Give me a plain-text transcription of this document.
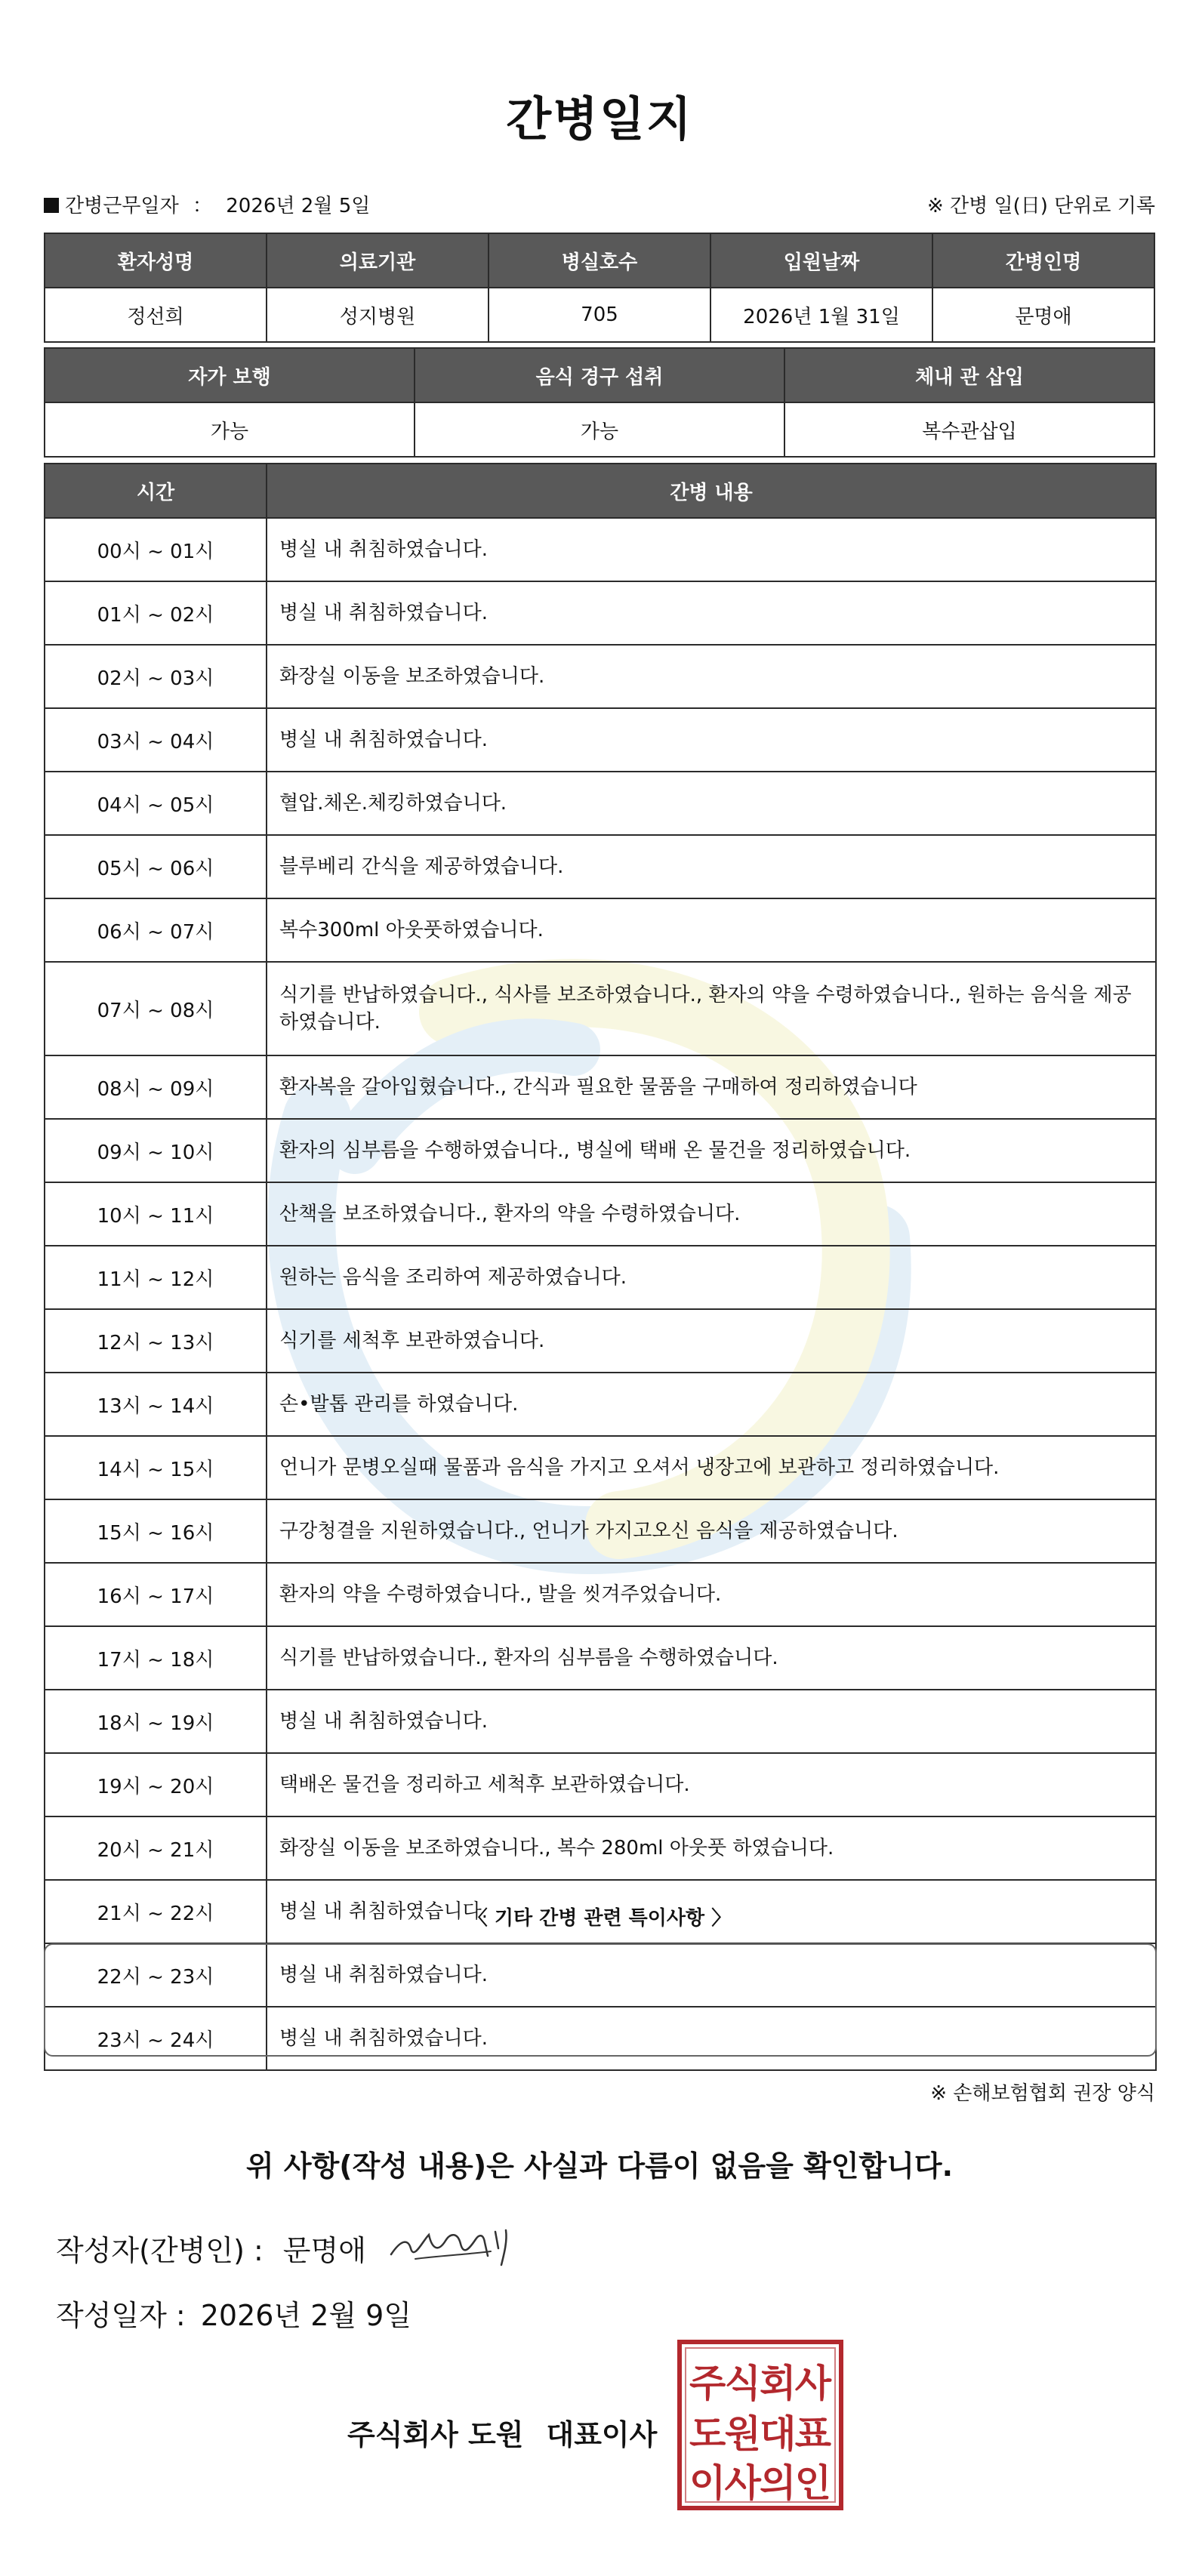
간병일지
간병근무일자 ： 2026년 2월 5일	※ 간병 일(日) 단위로 기록
환자성명	의료기관	병실호수	입원날짜	간병인명
정선희	성지병원	705	2026년 1월 31일	문명애
자가 보행	음식 경구 섭취	체내 관 삽입
가능	가능	복수관삽입
시간	간병 내용
00시 ~ 01시	병실 내 취침하였습니다.
01시 ~ 02시	병실 내 취침하였습니다.
02시 ~ 03시	화장실 이동을 보조하였습니다.
03시 ~ 04시	병실 내 취침하였습니다.
04시 ~ 05시	혈압.체온.체킹하였습니다.
05시 ~ 06시	블루베리 간식을 제공하였습니다.
06시 ~ 07시	복수300ml 아웃풋하였습니다.
07시 ~ 08시	식기를 반납하였습니다., 식사를 보조하였습니다., 환자의 약을 수령하였습니다., 원하는 음식을 제공하였습니다.
08시 ~ 09시	환자복을 갈아입혔습니다., 간식과 필요한 물품을 구매하여 정리하였습니다
09시 ~ 10시	환자의 심부름을 수행하였습니다., 병실에 택배 온 물건을 정리하였습니다.
10시 ~ 11시	산책을 보조하였습니다., 환자의 약을 수령하였습니다.
11시 ~ 12시	원하는 음식을 조리하여 제공하였습니다.
12시 ~ 13시	식기를 세척후 보관하였습니다.
13시 ~ 14시	손•발톱 관리를 하였습니다.
14시 ~ 15시	언니가 문병오실때 물품과 음식을 가지고 오셔서 냉장고에 보관하고 정리하였습니다.
15시 ~ 16시	구강청결을 지원하였습니다., 언니가 가지고오신 음식을 제공하였습니다.
16시 ~ 17시	환자의 약을 수령하였습니다., 발을 씻겨주었습니다.
17시 ~ 18시	식기를 반납하였습니다., 환자의 심부름을 수행하였습니다.
18시 ~ 19시	병실 내 취침하였습니다.
19시 ~ 20시	택배온 물건을 정리하고 세척후 보관하였습니다.
20시 ~ 21시	화장실 이동을 보조하였습니다., 복수 280ml 아웃풋 하였습니다.
21시 ~ 22시	병실 내 취침하였습니다.
22시 ~ 23시	병실 내 취침하였습니다.
23시 ~ 24시	병실 내 취침하였습니다.
〈 기타 간병 관련 특이사항 〉
※ 손해보험협회 권장 양식
위 사항(작성 내용)은 사실과 다름이 없음을 확인합니다.
작성자(간병인) : 문명애
작성일자 : 2026년 2월 9일
주식회사 도원 대표이사
주식회사
도원대표
이사의인
